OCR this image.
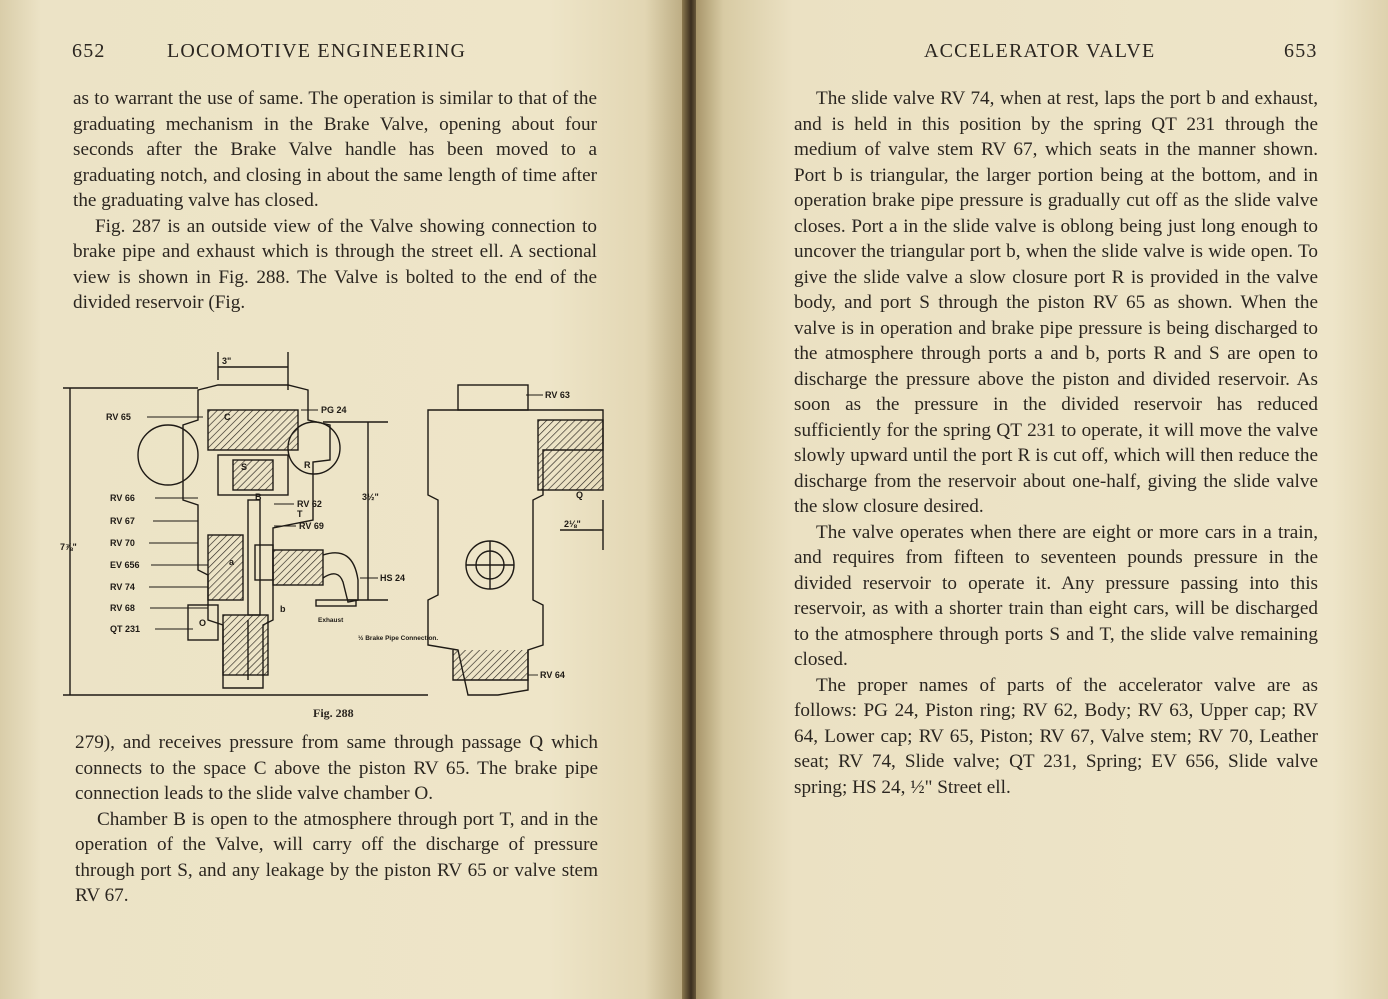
652	LOCOMOTIVE ENGINEERING

as to warrant the use of same. The operation is similar to that of the graduating mechanism in the Brake Valve, opening about four seconds after the Brake Valve handle has been moved to a graduating notch, and closing in about the same length of time after the graduating valve has closed.

Fig. 287 is an outside view of the Valve showing connection to brake pipe and exhaust which is through the street ell. A sectional view is shown in Fig. 288. The Valve is bolted to the end of the divided reservoir (Fig.

RV 65
PG 24
RV 66
RV 67
RV 70
EV 656
RV 74
RV 68
QT 231
RV 62
T
RV 69
HS 24
RV 63
RV 64
Exhaust
½ Brake Pipe Connection.
3"
3½"
7⅞"
2⅛"
C
S	R
B
O
a
b
Q
Fig. 288

279), and receives pressure from same through passage Q which connects to the space C above the piston RV 65. The brake pipe connection leads to the slide valve chamber O.

Chamber B is open to the atmosphere through port T, and in the operation of the Valve, will carry off the discharge of pressure through port S, and any leakage by the piston RV 65 or valve stem RV 67.

ACCELERATOR VALVE	653

The slide valve RV 74, when at rest, laps the port b and exhaust, and is held in this position by the spring QT 231 through the medium of valve stem RV 67, which seats in the manner shown. Port b is triangular, the larger portion being at the bottom, and in operation brake pipe pressure is gradually cut off as the slide valve closes. Port a in the slide valve is oblong being just long enough to uncover the triangular port b, when the slide valve is wide open. To give the slide valve a slow closure port R is provided in the valve body, and port S through the piston RV 65 as shown. When the valve is in operation and brake pipe pressure is being discharged to the atmosphere through ports a and b, ports R and S are open to discharge the pressure above the piston and divided reservoir. As soon as the pressure in the divided reservoir has reduced sufficiently for the spring QT 231 to operate, it will move the valve slowly upward until the port R is cut off, which will then reduce the discharge from the reservoir about one-half, giving the slide valve the slow closure desired.

The valve operates when there are eight or more cars in a train, and requires from fifteen to seventeen pounds pressure in the divided reservoir to operate it. Any pressure passing into this reservoir, as with a shorter train than eight cars, will be discharged to the atmosphere through ports S and T, the slide valve remaining closed.

The proper names of parts of the accelerator valve are as follows: PG 24, Piston ring; RV 62, Body; RV 63, Upper cap; RV 64, Lower cap; RV 65, Piston; RV 67, Valve stem; RV 70, Leather seat; RV 74, Slide valve; QT 231, Spring; EV 656, Slide valve spring; HS 24, ½" Street ell.
